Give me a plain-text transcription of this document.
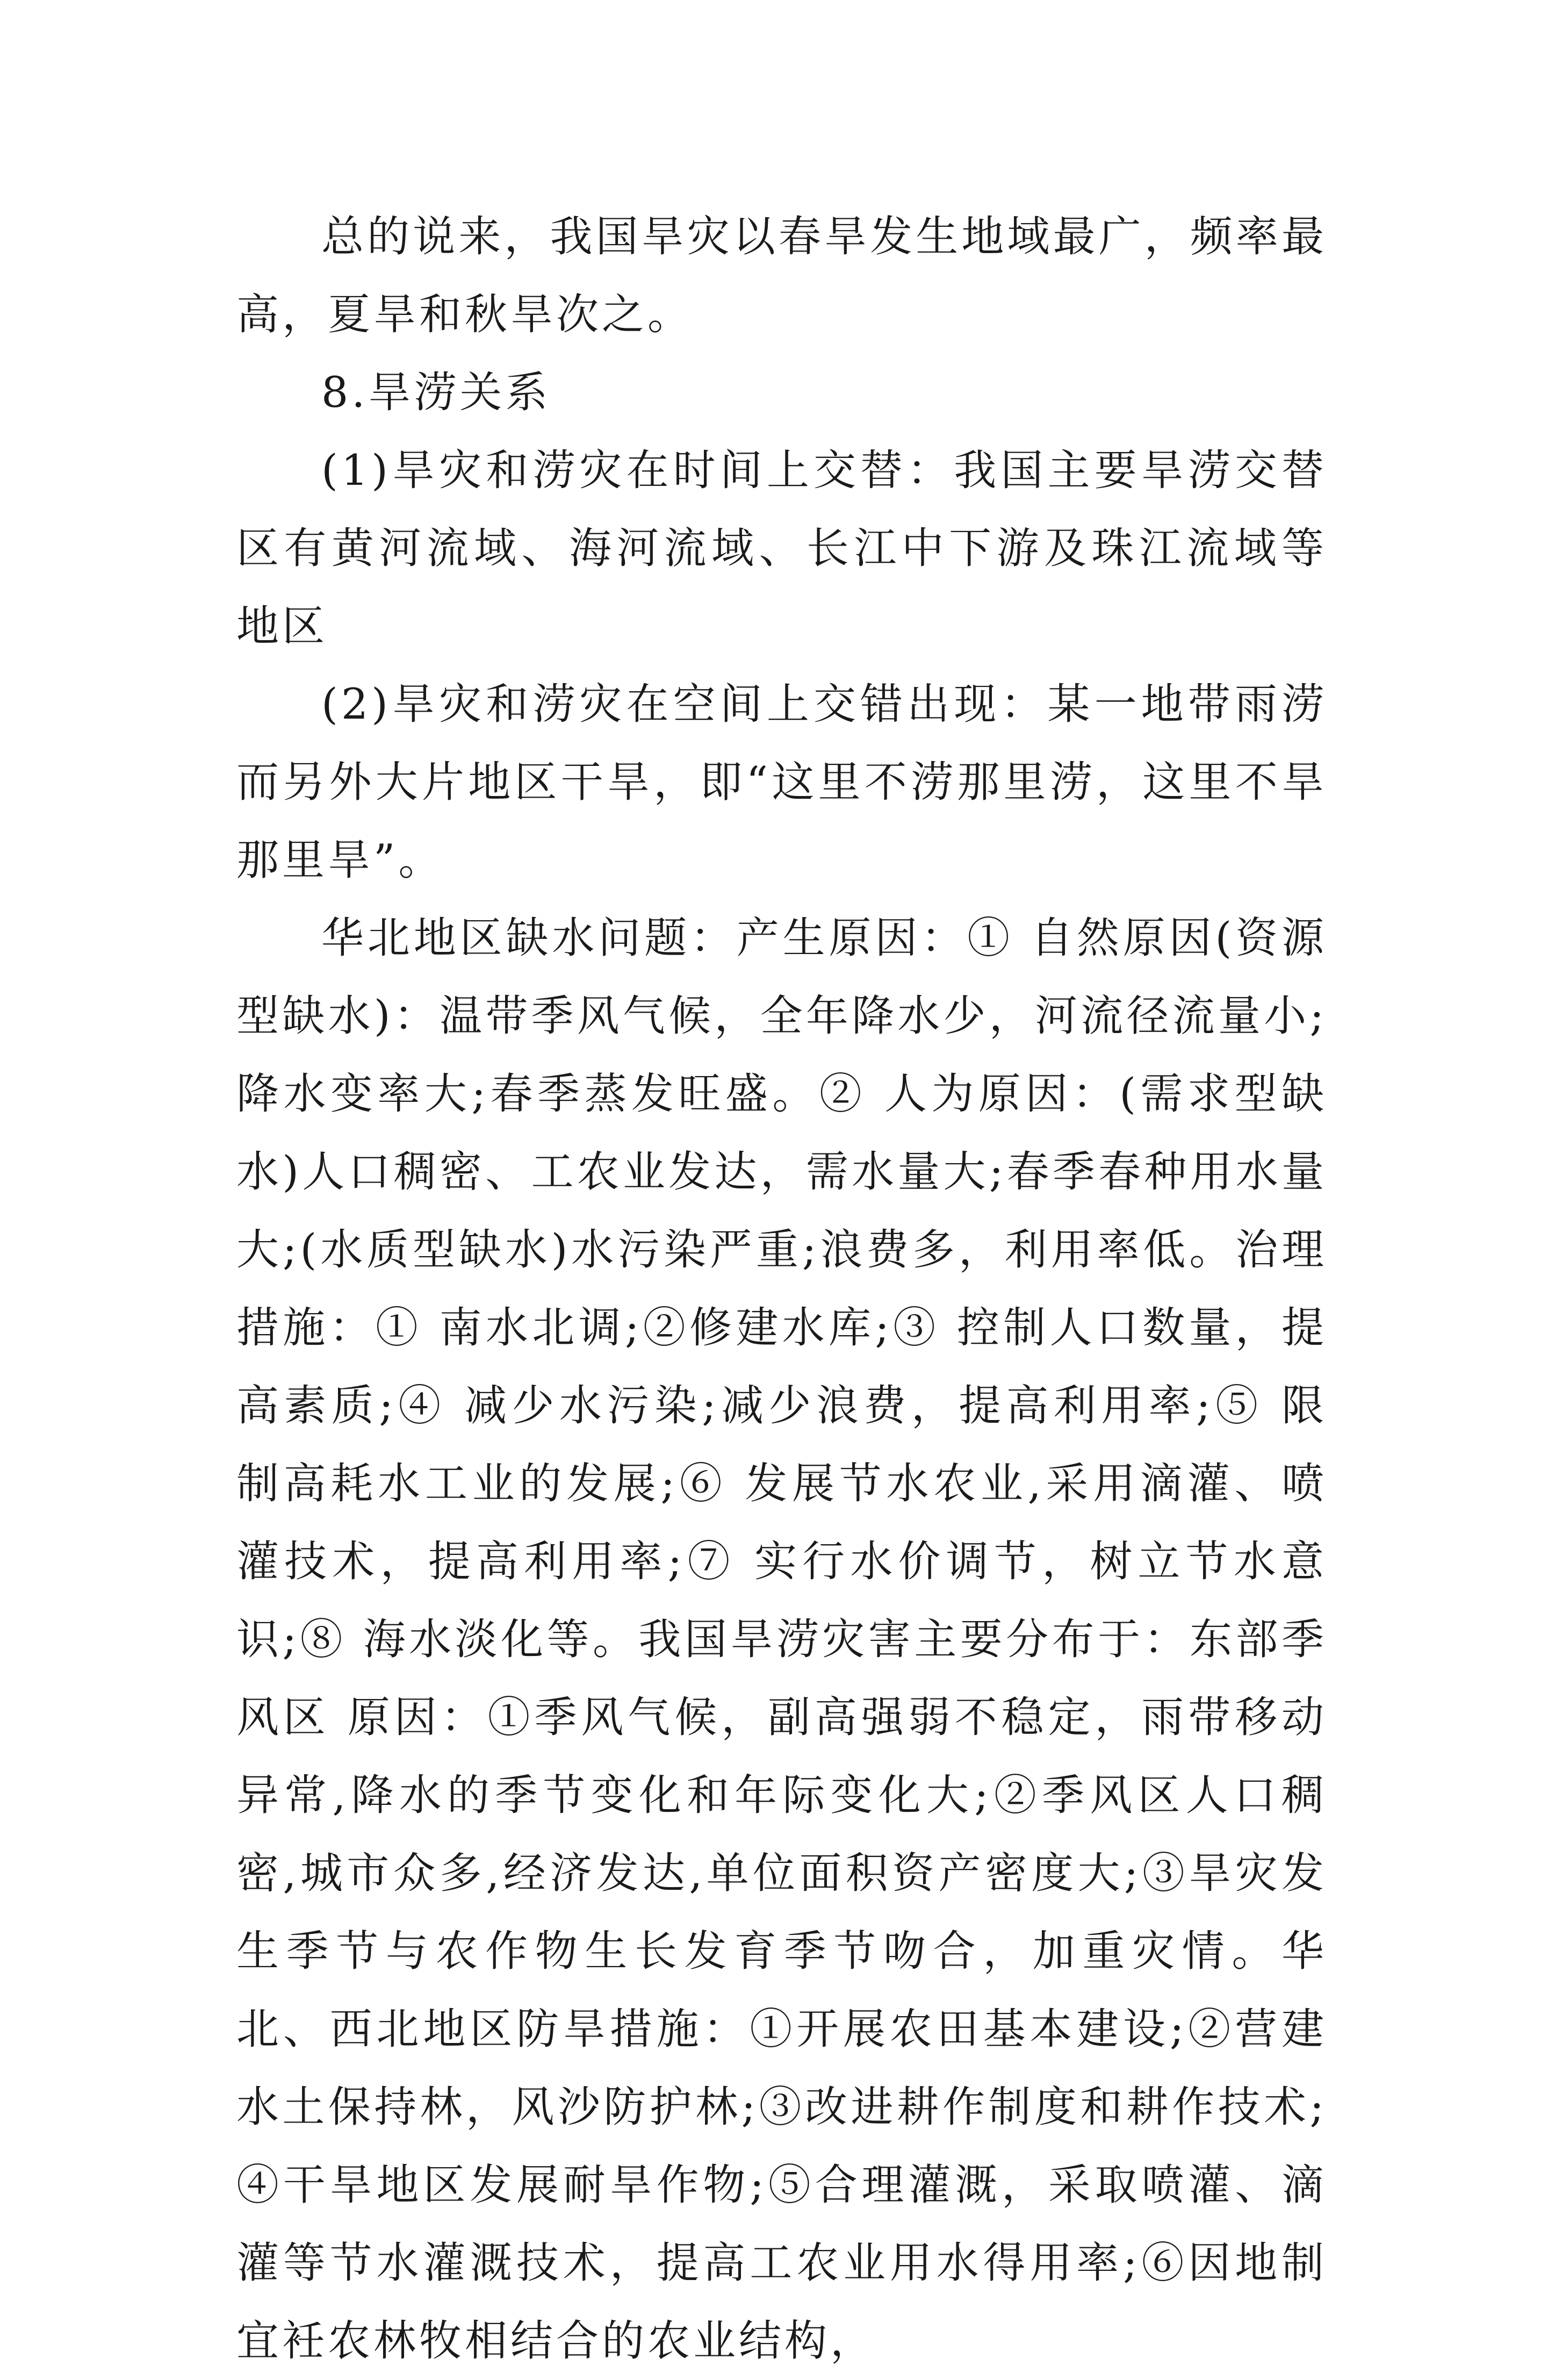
总的说来，我国旱灾以春旱发生地域最广，频率最高，夏旱和秋旱次之。

8.旱涝关系

(1)旱灾和涝灾在时间上交替：我国主要旱涝交替区有黄河流域、海河流域、长江中下游及珠江流域等地区

(2)旱灾和涝灾在空间上交错出现：某一地带雨涝而另外大片地区干旱，即“这里不涝那里涝，这里不旱那里旱”。

华北地区缺水问题：产生原因：① 自然原因(资源型缺水)：温带季风气候，全年降水少，河流径流量小;降水变率大;春季蒸发旺盛。② 人为原因：(需求型缺水)人口稠密、工农业发达，需水量大;春季春种用水量大;(水质型缺水)水污染严重;浪费多，利用率低。治理措施：① 南水北调;②修建水库;③ 控制人口数量，提高素质;④ 减少水污染;减少浪费，提高利用率;⑤ 限制高耗水工业的发展;⑥ 发展节水农业,采用滴灌、喷灌技术，提高利用率;⑦ 实行水价调节，树立节水意识;⑧ 海水淡化等。我国旱涝灾害主要分布于：东部季风区 原因：①季风气候，副高强弱不稳定，雨带移动异常,降水的季节变化和年际变化大;②季风区人口稠密,城市众多,经济发达,单位面积资产密度大;③旱灾发生季节与农作物生长发育季节吻合，加重灾情。华北、西北地区防旱措施：①开展农田基本建设;②营建水土保持林，风沙防护林;③改进耕作制度和耕作技术;④干旱地区发展耐旱作物;⑤合理灌溉，采取喷灌、滴灌等节水灌溉技术，提高工农业用水得用率;⑥因地制宜衽农林牧相结合的农业结构，
